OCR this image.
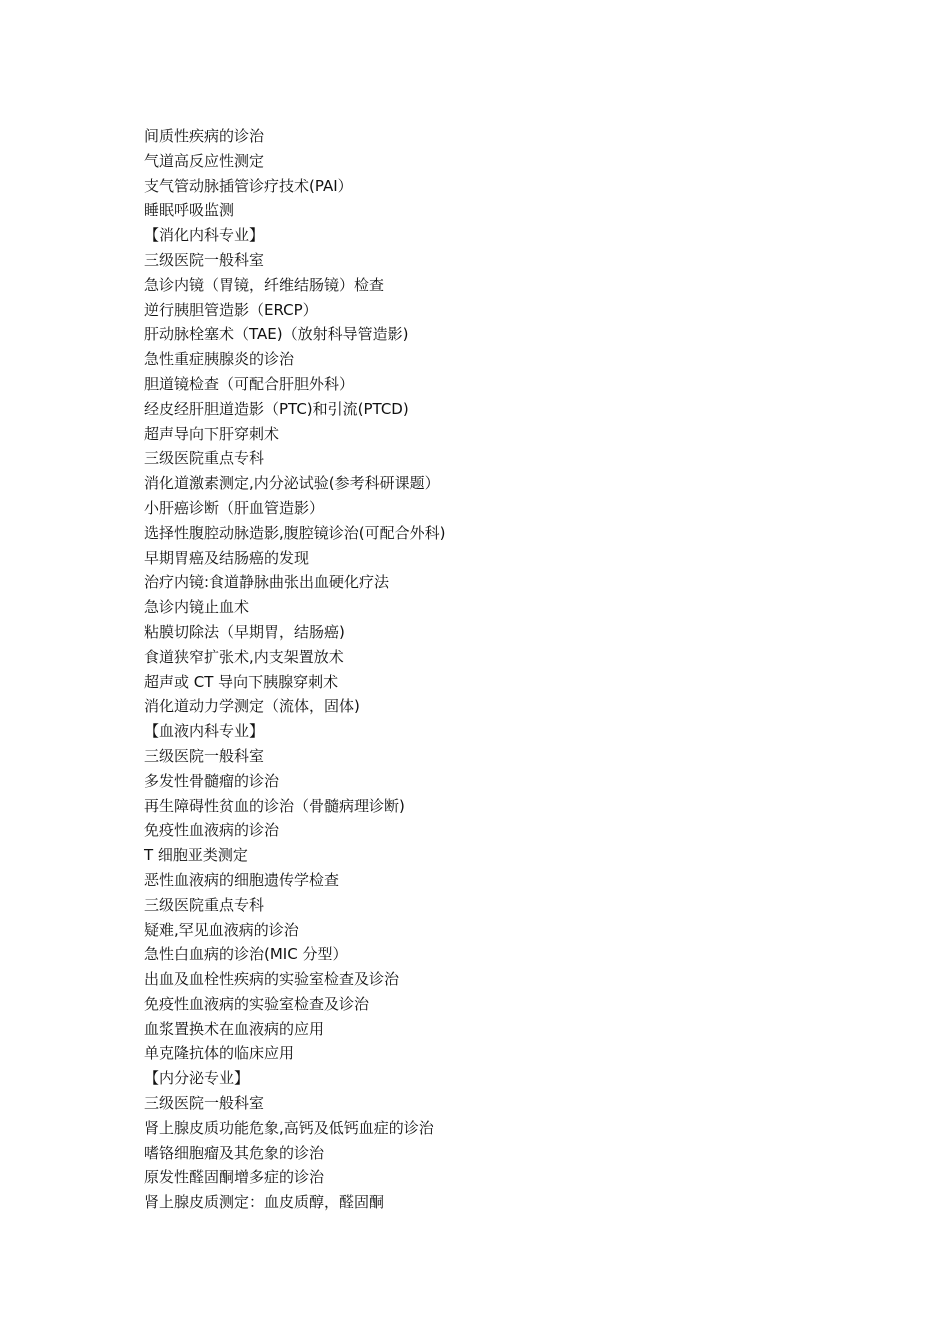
间质性疾病的诊治

气道高反应性测定

支气管动脉插管诊疗技术(PAI）

睡眠呼吸监测

【消化内科专业】

三级医院一般科室

急诊内镜（胃镜，纤维结肠镜）检查

逆行胰胆管造影（ERCP）

肝动脉栓塞术（TAE)（放射科导管造影)

急性重症胰腺炎的诊治

胆道镜检查（可配合肝胆外科）

经皮经肝胆道造影（PTC)和引流(PTCD)

超声导向下肝穿刺术

三级医院重点专科

消化道激素测定,内分泌试验(参考科研课题）

小肝癌诊断（肝血管造影）

选择性腹腔动脉造影,腹腔镜诊治(可配合外科)

早期胃癌及结肠癌的发现

治疗内镜:食道静脉曲张出血硬化疗法

急诊内镜止血术

粘膜切除法（早期胃，结肠癌)

食道狭窄扩张术,内支架置放术

超声或 CT 导向下胰腺穿刺术

消化道动力学测定（流体，固体)

【血液内科专业】

三级医院一般科室

多发性骨髓瘤的诊治

再生障碍性贫血的诊治（骨髓病理诊断)

免疫性血液病的诊治

T 细胞亚类测定

恶性血液病的细胞遗传学检查

三级医院重点专科

疑难,罕见血液病的诊治

急性白血病的诊治(MIC 分型）

出血及血栓性疾病的实验室检查及诊治

免疫性血液病的实验室检查及诊治

血浆置换术在血液病的应用

单克隆抗体的临床应用

【内分泌专业】

三级医院一般科室

肾上腺皮质功能危象,高钙及低钙血症的诊治

嗜铬细胞瘤及其危象的诊治

原发性醛固酮增多症的诊治

肾上腺皮质测定：血皮质醇，醛固酮
